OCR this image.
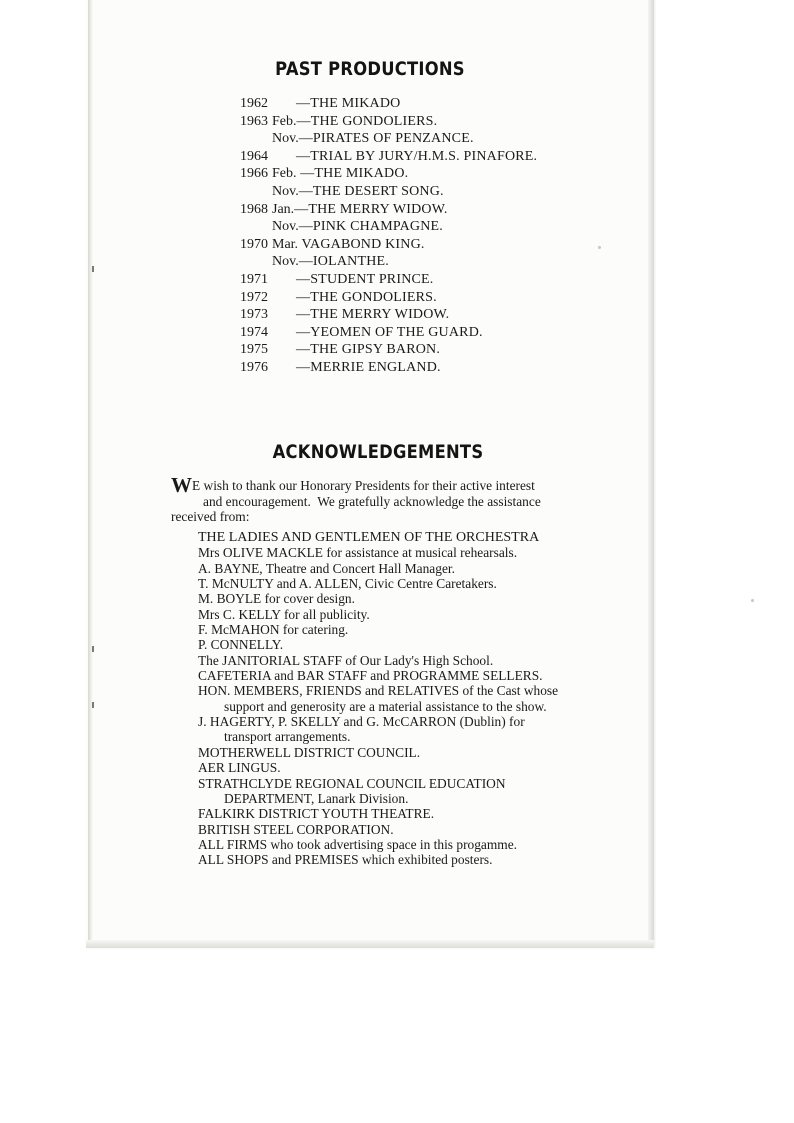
PAST PRODUCTIONS
1962 —THE MIKADO
1963 Feb. —THE GONDOLIERS.
Nov. —PIRATES OF PENZANCE.
1964 —TRIAL BY JURY/H.M.S. PINAFORE.
1966 Feb. —THE MIKADO.
Nov. —THE DESERT SONG.
1968 Jan. —THE MERRY WIDOW.
Nov. —PINK CHAMPAGNE.
1970 Mar. VAGABOND KING.
Nov. —IOLANTHE.
1971 —STUDENT PRINCE.
1972 —THE GONDOLIERS.
1973 —THE MERRY WIDOW.
1974 —YEOMEN OF THE GUARD.
1975 —THE GIPSY BARON.
1976 —MERRIE ENGLAND.
ACKNOWLEDGEMENTS
WE wish to thank our Honorary Presidents for their active interest
and encouragement.  We gratefully acknowledge the assistance
received from:
THE LADIES AND GENTLEMEN OF THE ORCHESTRA
Mrs OLIVE MACKLE for assistance at musical rehearsals.
A. BAYNE, Theatre and Concert Hall Manager.
T. McNULTY and A. ALLEN, Civic Centre Caretakers.
M. BOYLE for cover design.
Mrs C. KELLY for all publicity.
F. McMAHON for catering.
P. CONNELLY.
The JANITORIAL STAFF of Our Lady's High School.
CAFETERIA and BAR STAFF and PROGRAMME SELLERS.
HON. MEMBERS, FRIENDS and RELATIVES of the Cast whose
support and generosity are a material assistance to the show.
J. HAGERTY, P. SKELLY and G. McCARRON (Dublin) for
transport arrangements.
MOTHERWELL DISTRICT COUNCIL.
AER LINGUS.
STRATHCLYDE REGIONAL COUNCIL EDUCATION
DEPARTMENT, Lanark Division.
FALKIRK DISTRICT YOUTH THEATRE.
BRITISH STEEL CORPORATION.
ALL FIRMS who took advertising space in this progamme.
ALL SHOPS and PREMISES which exhibited posters.
